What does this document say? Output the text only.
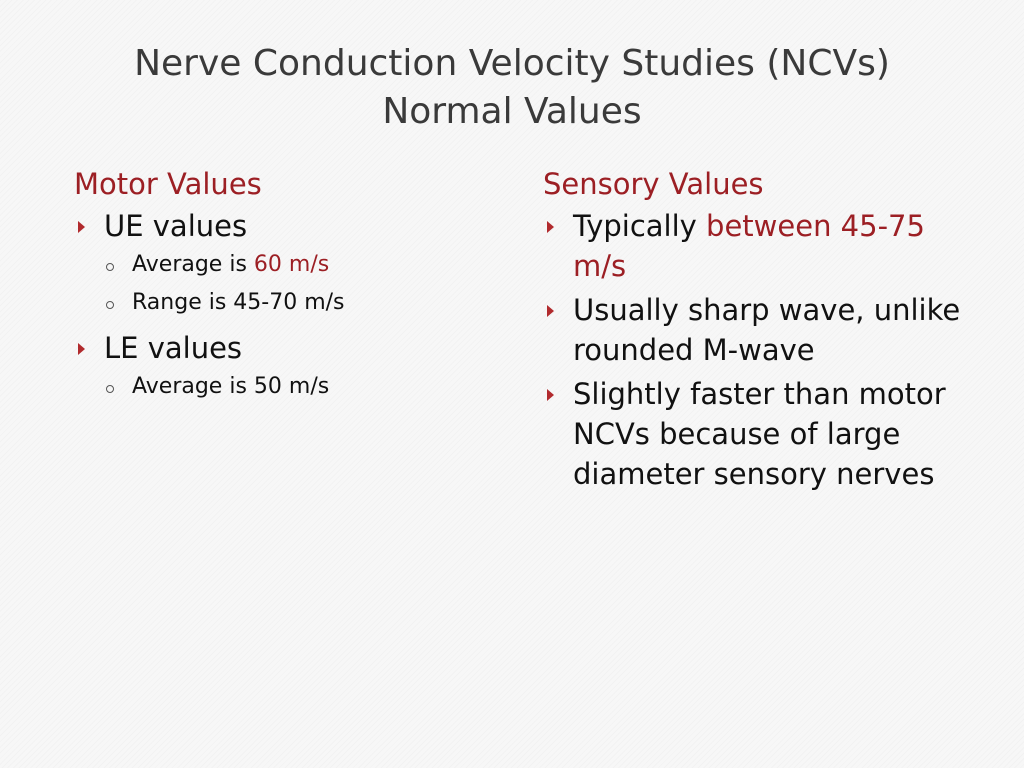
Nerve Conduction Velocity Studies (NCVs)
Normal Values
Motor Values
UE values
Average is 60 m/s
Range is 45-70 m/s
LE values
Average is 50 m/s
Sensory Values
Typically between 45-75 m/s
Usually sharp wave, unlike rounded M-wave
Slightly faster than motor NCVs because of large diameter sensory nerves
